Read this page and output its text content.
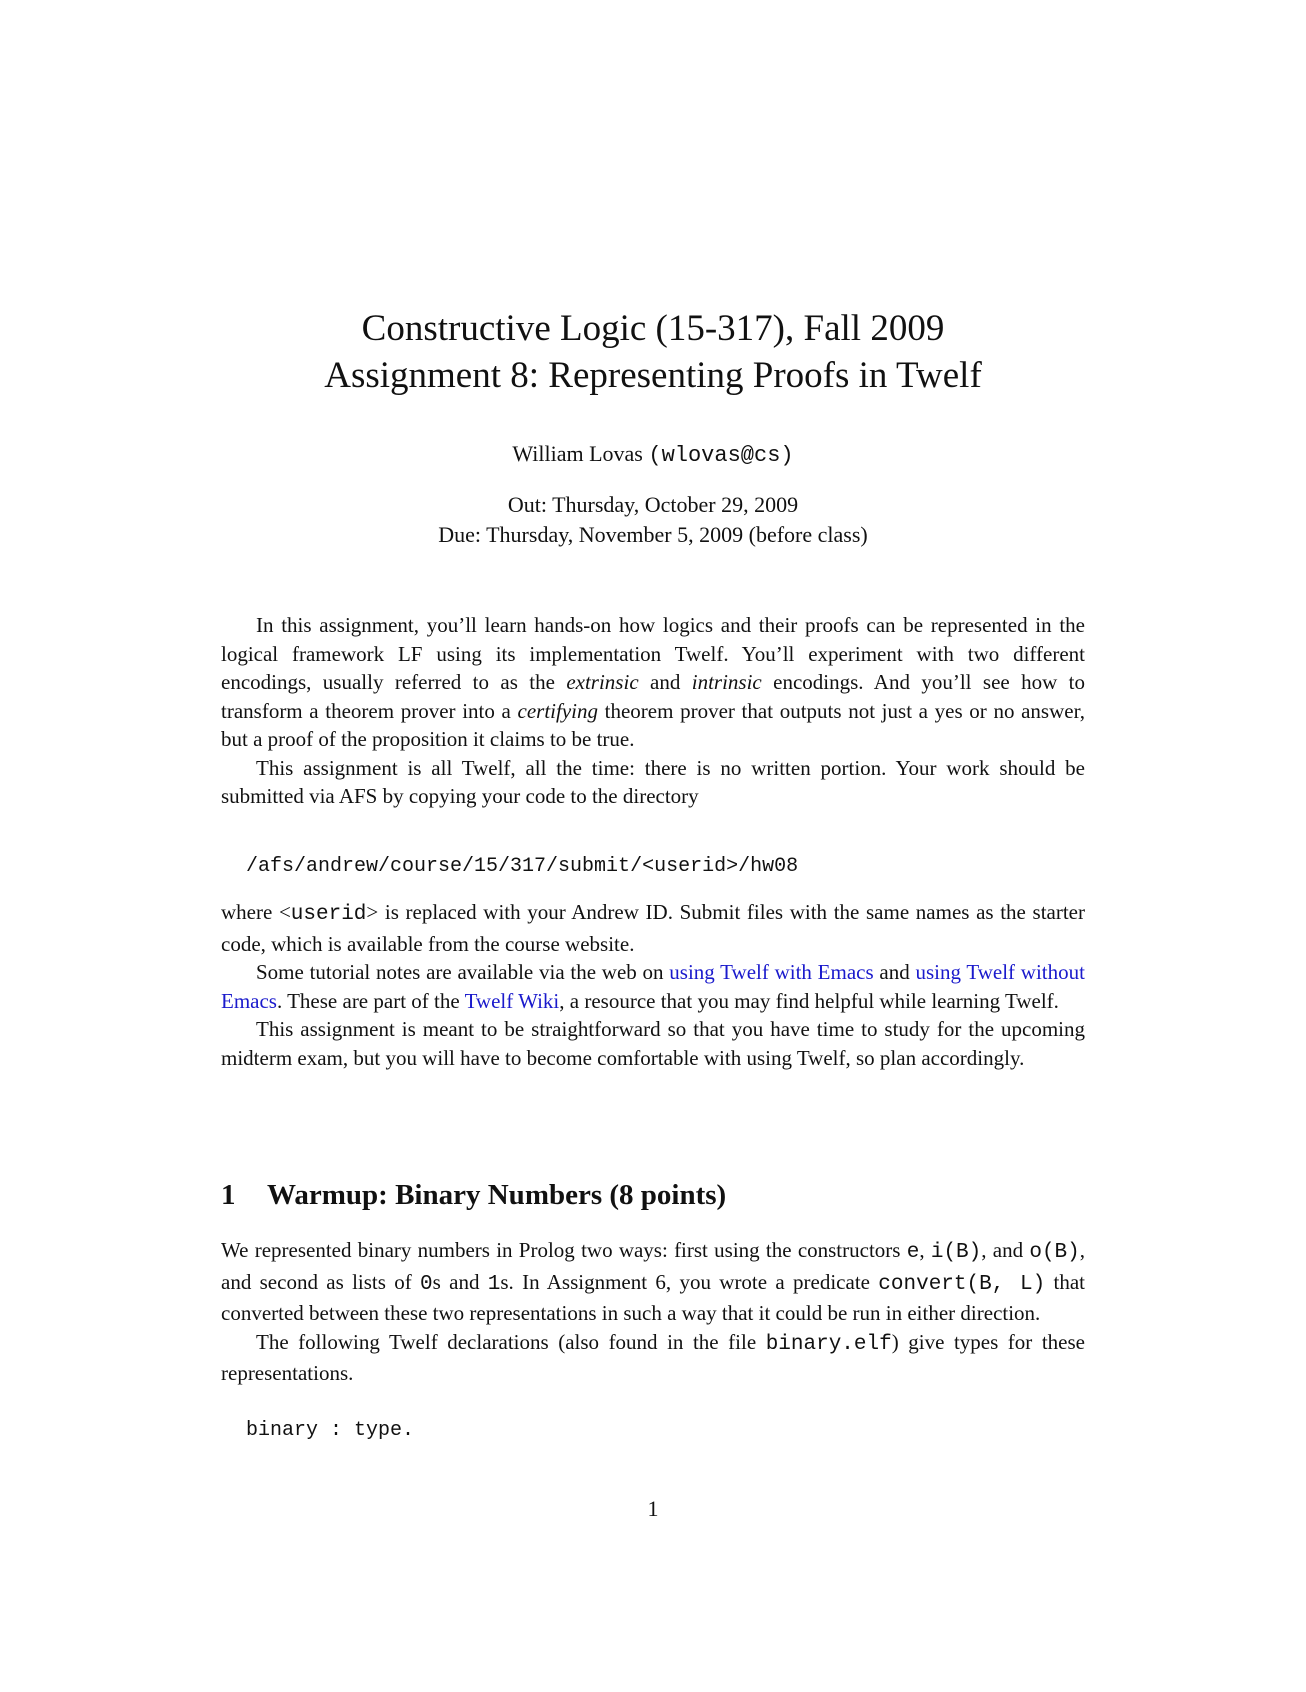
Constructive Logic (15-317), Fall 2009
Assignment 8: Representing Proofs in Twelf
William Lovas (wlovas@cs)
Out: Thursday, October 29, 2009
Due: Thursday, November 5, 2009 (before class)

In this assignment, you’ll learn hands-on how logics and their proofs can be represented in the logical framework LF using its implementation Twelf. You’ll experiment with two different encodings, usually referred to as the extrinsic and intrinsic encodings. And you’ll see how to transform a theorem prover into a certifying theorem prover that outputs not just a yes or no answer, but a proof of the proposition it claims to be true.

This assignment is all Twelf, all the time: there is no written portion. Your work should be submitted via AFS by copying your code to the directory

/afs/andrew/course/15/317/submit/<userid>/hw08

where <userid> is replaced with your Andrew ID. Submit files with the same names as the starter code, which is available from the course website.

Some tutorial notes are available via the web on using Twelf with Emacs and using Twelf without Emacs. These are part of the Twelf Wiki, a resource that you may find helpful while learning Twelf.

This assignment is meant to be straightforward so that you have time to study for the upcoming midterm exam, but you will have to become comfortable with using Twelf, so plan accordingly.

1 Warmup: Binary Numbers (8 points)

We represented binary numbers in Prolog two ways: first using the constructors e, i(B), and o(B), and second as lists of 0s and 1s. In Assignment 6, you wrote a predicate convert(B, L) that converted between these two representations in such a way that it could be run in either direction.

The following Twelf declarations (also found in the file binary.elf) give types for these representations.

binary : type.
1
